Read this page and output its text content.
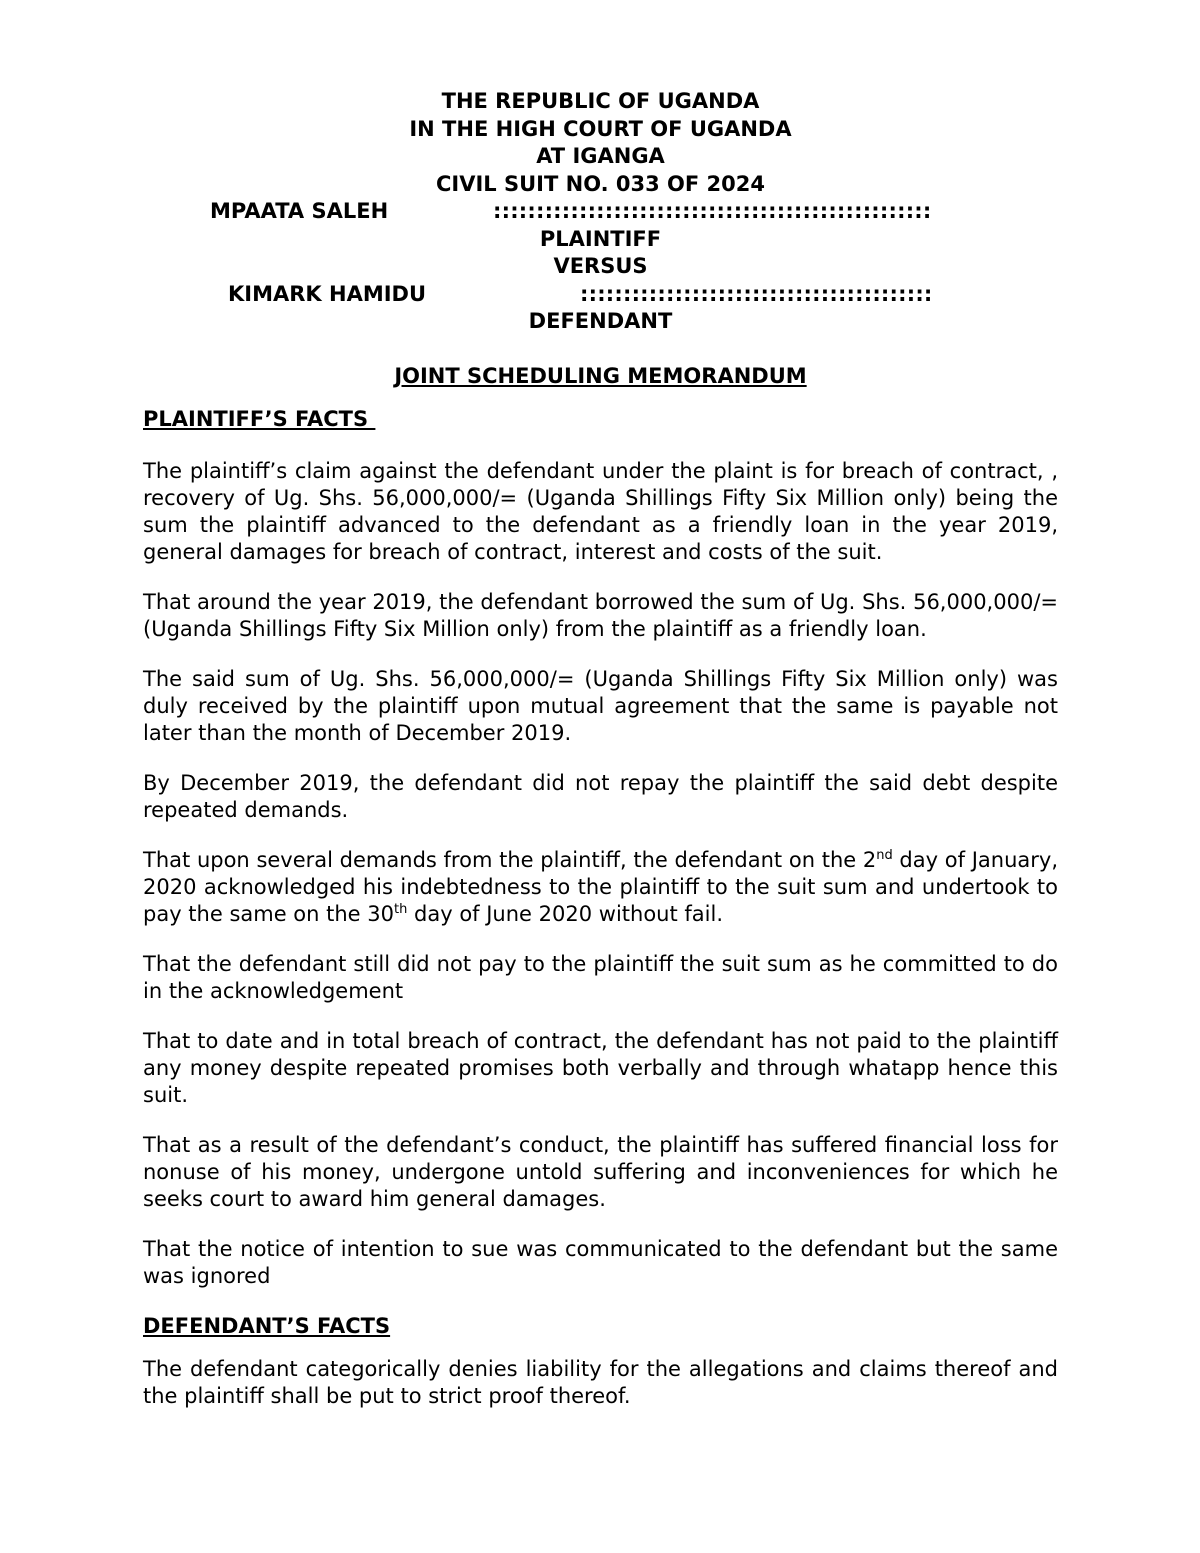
THE REPUBLIC OF UGANDA

IN THE HIGH COURT OF UGANDA

AT IGANGA

CIVIL SUIT NO. 033 OF 2024

MPAATA SALEH	:::::::::::::::::::::::::::::::::::::::::::::::::::

PLAINTIFF

VERSUS

KIMARK HAMIDU	:::::::::::::::::::::::::::::::::::::::::

DEFENDANT

JOINT SCHEDULING MEMORANDUM

PLAINTIFF’S FACTS

The plaintiff’s claim against the defendant under the plaint is for breach of contract, , recovery of Ug. Shs. 56,000,000/= (Uganda Shillings Fifty Six Million only) being the sum the plaintiff advanced to the defendant as a friendly loan in the year 2019, general damages for breach of contract, interest and costs of the suit.

That around the year 2019, the defendant borrowed the sum of Ug. Shs. 56,000,000/= (Uganda Shillings Fifty Six Million only) from the plaintiff as a friendly loan.

The said sum of Ug. Shs. 56,000,000/= (Uganda Shillings Fifty Six Million only) was duly received by the plaintiff upon mutual agreement that the same is payable not later than the month of December 2019.

By December 2019, the defendant did not repay the plaintiff the said debt despite repeated demands.

That upon several demands from the plaintiff, the defendant on the 2nd day of January, 2020 acknowledged his indebtedness to the plaintiff to the suit sum and undertook to pay the same on the 30th day of June 2020 without fail.

That the defendant still did not pay to the plaintiff the suit sum as he committed to do in the acknowledgement

That to date and in total breach of contract, the defendant has not paid to the plaintiff any money despite repeated promises both verbally and through whatapp hence this suit.

That as a result of the defendant’s conduct, the plaintiff has suffered financial loss for nonuse of his money, undergone untold suffering and inconveniences for which he seeks court to award him general damages.

That the notice of intention to sue was communicated to the defendant but the same was ignored

DEFENDANT’S FACTS

The defendant categorically denies liability for the allegations and claims thereof and the plaintiff shall be put to strict proof thereof.
